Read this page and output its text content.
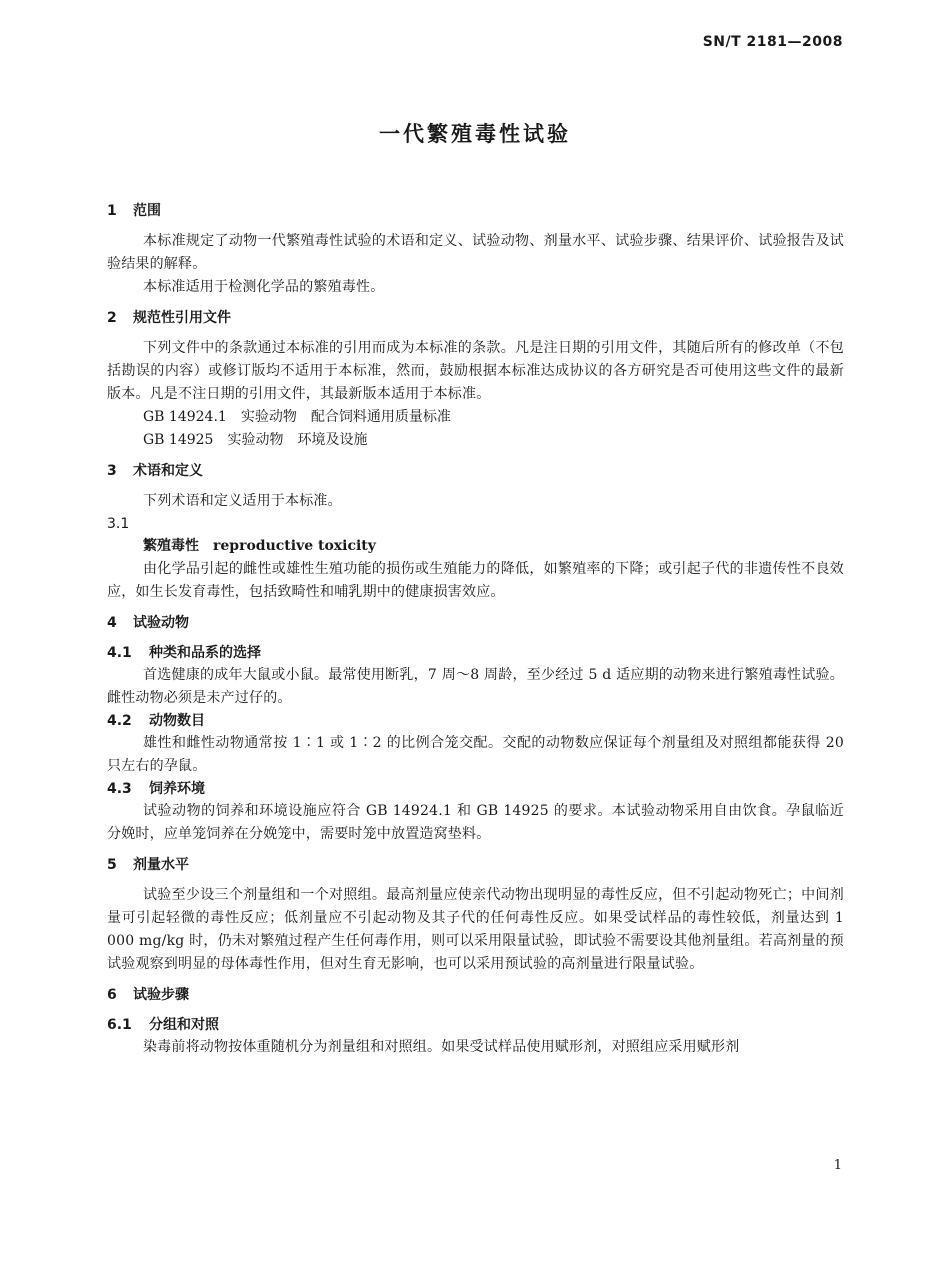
SN/T 2181—2008
一代繁殖毒性试验
1 范围

本标准规定了动物一代繁殖毒性试验的术语和定义、试验动物、剂量水平、试验步骤、结果评价、试验报告及试验结果的解释。

本标准适用于检测化学品的繁殖毒性。

2 规范性引用文件

下列文件中的条款通过本标准的引用而成为本标准的条款。凡是注日期的引用文件，其随后所有的修改单（不包括勘误的内容）或修订版均不适用于本标准，然而，鼓励根据本标准达成协议的各方研究是否可使用这些文件的最新版本。凡是不注日期的引用文件，其最新版本适用于本标准。

GB 14924.1　实验动物　配合饲料通用质量标准

GB 14925　实验动物　环境及设施

3 术语和定义

下列术语和定义适用于本标准。

3.1
繁殖毒性　reproductive toxicity

由化学品引起的雌性或雄性生殖功能的损伤或生殖能力的降低，如繁殖率的下降；或引起子代的非遗传性不良效应，如生长发育毒性，包括致畸性和哺乳期中的健康损害效应。

4 试验动物
4.1 种类和品系的选择

首选健康的成年大鼠或小鼠。最常使用断乳，7 周～8 周龄，至少经过 5 d 适应期的动物来进行繁殖毒性试验。雌性动物必须是未产过仔的。

4.2 动物数目

雄性和雌性动物通常按 1∶1 或 1∶2 的比例合笼交配。交配的动物数应保证每个剂量组及对照组都能获得 20 只左右的孕鼠。

4.3 饲养环境

试验动物的饲养和环境设施应符合 GB 14924.1 和 GB 14925 的要求。本试验动物采用自由饮食。孕鼠临近分娩时，应单笼饲养在分娩笼中，需要时笼中放置造窝垫料。

5 剂量水平

试验至少设三个剂量组和一个对照组。最高剂量应使亲代动物出现明显的毒性反应，但不引起动物死亡；中间剂量可引起轻微的毒性反应；低剂量应不引起动物及其子代的任何毒性反应。如果受试样品的毒性较低，剂量达到 1 000 mg/kg 时，仍未对繁殖过程产生任何毒作用，则可以采用限量试验，即试验不需要设其他剂量组。若高剂量的预试验观察到明显的母体毒性作用，但对生育无影响，也可以采用预试验的高剂量进行限量试验。

6 试验步骤
6.1 分组和对照

染毒前将动物按体重随机分为剂量组和对照组。如果受试样品使用赋形剂，对照组应采用赋形剂

1
